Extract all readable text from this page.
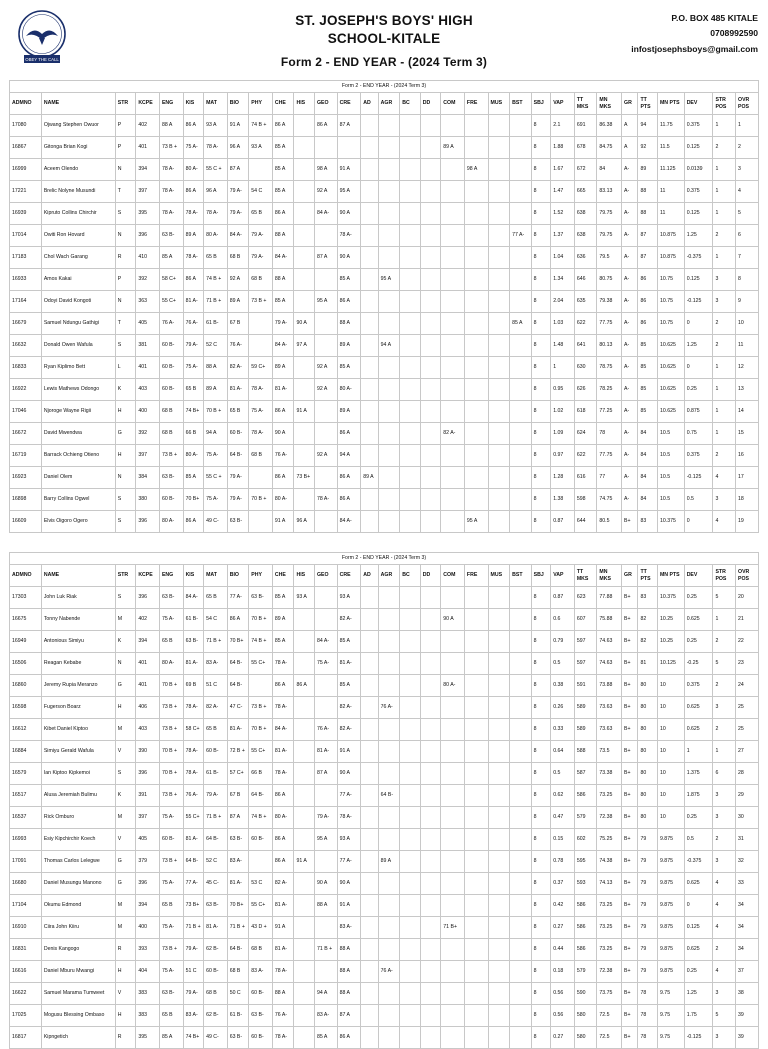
OBEY THE CALL
ST. JOSEPH'S BOYS' HIGH
SCHOOL-KITALE
Form 2 - END YEAR - (2024 Term 3)
P.O. BOX 485 KITALE
0708992590
infostjosephsboys@gmail.com
Form 2 - END YEAR - (2024 Term 3)																														
ADMNO	NAME	STR	KCPE	ENG	KIS	MAT	BIO	PHY	CHE	HIS	GEO	CRE	AD	AGR	BC	DD	COM	FRE	MUS	BST	SBJ	VAP	TT MKS	MN MKS	GR	TT PTS	MN PTS	DEV	STR POS	OVR POS
17080	Ojwang Stephen Owuor	P	402	88 A	86 A	93 A	91 A	74 B +	86 A		86 A	87 A									8	2.1	691	86.38	A	94	11.75	0.375	1	1
16867	Gitonga Brian Kogi	P	401	73 B +	75 A-	78 A-	96 A	93 A	85 A								89 A				8	1.88	678	84.75	A	92	11.5	0.125	2	2
16999	Aceem Olendo	N	394	78 A-	80 A-	55 C +	87 A		85 A		98 A	91 A						98 A			8	1.67	672	84	A-	89	11.125	0.0139	1	3
17221	Brelic Nolyne Musundi	T	397	78 A-	86 A	96 A	79 A-	54 C	85 A		92 A	95 A									8	1.47	665	83.13	A-	88	11	0.375	1	4
16939	Kipruto Collins Chirchir	S	395	78 A-	78 A-	78 A-	79 A-	65 B	86 A		84 A-	90 A									8	1.52	638	79.75	A-	88	11	0.125	1	5
17014	Owiti Ron Hovard	N	396	63 B-	89 A	80 A-	84 A-	79 A-	88 A			78 A-								77 A-	8	1.37	638	79.75	A-	87	10.875	1.25	2	6
17183	Chol Wach Garang	R	410	85 A	78 A-	65 B	68 B	79 A-	84 A-		87 A	90 A									8	1.04	636	79.5	A-	87	10.875	-0.375	1	7
16933	Amos Kakai	P	392	58 C+	86 A	74 B +	92 A	68 B	88 A			85 A		95 A							8	1.34	646	80.75	A-	86	10.75	0.125	3	8
17164	Odoyi David Kongoti	N	363	55 C+	81 A-	71 B +	89 A	73 B +	85 A		95 A	86 A									8	2.04	635	79.38	A-	86	10.75	-0.125	3	9
16679	Samuel Ndungu Gathigi	T	405	76 A-	76 A-	61 B-	67 B		79 A-	90 A		88 A								85 A	8	1.03	622	77.75	A-	86	10.75	0	2	10
16632	Donald Owen Wafula	S	381	60 B-	79 A-	52 C	76 A-		84 A-	97 A		89 A		94 A							8	1.48	641	80.13	A-	85	10.625	1.25	2	11
16833	Ryan Kiplimo Bett	L	401	60 B-	75 A-	88 A	82 A-	59 C+	89 A		92 A	85 A									8	1	630	78.75	A-	85	10.625	0	1	12
16922	Lewis Mathews Odongo	K	403	60 B-	65 B	89 A	81 A-	78 A-	81 A-		92 A	80 A-									8	0.95	626	78.25	A-	85	10.625	0.25	1	13
17046	Njoroge Wayne Rigii	H	400	68 B	74 B+	70 B +	65 B	75 A-	86 A	91 A		89 A									8	1.02	618	77.25	A-	85	10.625	0.875	1	14
16672	David Mwendwa	G	392	68 B	66 B	94 A	60 B-	78 A-	90 A			86 A					82 A-				8	1.09	624	78	A-	84	10.5	0.75	1	15
16719	Barrack Ochieng Otieno	H	397	73 B +	80 A-	75 A-	64 B-	68 B	76 A-		92 A	94 A									8	0.97	622	77.75	A-	84	10.5	0.375	2	16
16923	Daniel Olem	N	384	63 B-	85 A	55 C +	79 A-		86 A	73 B+		86 A	89 A								8	1.28	616	77	A-	84	10.5	-0.125	4	17
16898	Barry Collins Ogwel	S	380	60 B-	70 B+	75 A-	79 A-	70 B +	80 A-		78 A-	86 A									8	1.38	598	74.75	A-	84	10.5	0.5	3	18
16609	Elvis Oigoro Ogero	S	396	80 A-	86 A	49 C-	63 B-		91 A	96 A		84 A-						95 A			8	0.87	644	80.5	B+	83	10.375	0	4	19
Form 2 - END YEAR - (2024 Term 3)																														
ADMNO	NAME	STR	KCPE	ENG	KIS	MAT	BIO	PHY	CHE	HIS	GEO	CRE	AD	AGR	BC	DD	COM	FRE	MUS	BST	SBJ	VAP	TT MKS	MN MKS	GR	TT PTS	MN PTS	DEV	STR POS	OVR POS
17303	John Luk Riak	S	396	63 B-	84 A-	65 B	77 A-	63 B-	85 A	93 A		93 A									8	0.87	623	77.88	B+	83	10.375	0.25	5	20
16675	Tonny Nabende	M	402	75 A-	61 B-	54 C	86 A	70 B +	89 A			82 A-					90 A				8	0.6	607	75.88	B+	82	10.25	0.625	1	21
16949	Antonious Simiyu	K	394	65 B	63 B-	71 B +	70 B+	74 B +	85 A		84 A-	85 A									8	0.79	597	74.63	B+	82	10.25	0.25	2	22
16506	Reagan Kebabe	N	401	80 A-	81 A-	83 A-	64 B-	55 C+	78 A-		75 A-	81 A-									8	0.5	597	74.63	B+	81	10.125	-0.25	5	23
16860	Jeremy Rupia Meranzo	G	401	70 B +	69 B	51 C	64 B-		86 A	86 A		85 A					80 A-				8	0.38	591	73.88	B+	80	10	0.375	2	24
16598	Fugerson Boarz	H	406	73 B +	78 A-	82 A-	47 C-	73 B +	78 A-			82 A-		76 A-							8	0.26	589	73.63	B+	80	10	0.625	3	25
16612	Kibet Daniel Kiptoo	M	403	73 B +	58 C+	65 B	81 A-	70 B +	84 A-		76 A-	82 A-									8	0.33	589	73.63	B+	80	10	0.625	2	25
16884	Simiyu Gerald Wafula	V	390	70 B +	78 A-	60 B-	72 B +	55 C+	81 A-		81 A-	91 A									8	0.64	588	73.5	B+	80	10	1	1	27
16579	Ian Kiptoo Kipkemoi	S	396	70 B +	78 A-	61 B-	57 C+	66 B	78 A-		87 A	90 A									8	0.5	587	73.38	B+	80	10	1.375	6	28
16517	Alusa Jeremiah Bulimu	K	391	73 B +	76 A-	79 A-	67 B	64 B-	86 A			77 A-		64 B-							8	0.62	586	73.25	B+	80	10	1.875	3	29
16537	Rick Omburo	M	397	75 A-	55 C+	71 B +	87 A	74 B +	80 A-		79 A-	78 A-									8	0.47	579	72.38	B+	80	10	0.25	3	30
16993	Esiy Kipchirchir Koech	V	405	60 B-	81 A-	64 B-	63 B-	60 B-	86 A		95 A	93 A									8	0.15	602	75.25	B+	79	9.875	0.5	2	31
17091	Thomas Carlos Lelegwe	G	379	73 B +	64 B-	52 C	83 A-		86 A	91 A		77 A-		89 A							8	0.78	595	74.38	B+	79	9.875	-0.375	3	32
16680	Daniel Musungu Manono	G	396	75 A-	77 A-	45 C-	81 A-	53 C	82 A-		90 A	90 A									8	0.37	593	74.13	B+	79	9.875	0.625	4	33
17104	Okumu Edmond	M	394	65 B	73 B+	63 B-	70 B+	55 C+	81 A-		88 A	91 A									8	0.42	586	73.25	B+	79	9.875	0	4	34
16910	Ciira John Kiiru	M	400	75 A-	71 B +	81 A-	71 B +	43 D +	91 A			83 A-					71 B+				8	0.27	586	73.25	B+	79	9.875	0.125	4	34
16831	Denis Kangogo	R	393	73 B +	79 A-	62 B-	64 B-	68 B	81 A-		71 B +	88 A									8	0.44	586	73.25	B+	79	9.875	0.625	2	34
16616	Daniel Mburu Mwangi	H	404	75 A-	51 C	60 B-	68 B	83 A-	78 A-			88 A		76 A-							8	0.18	579	72.38	B+	79	9.875	0.25	4	37
16622	Samuel Marama Tumweet	V	383	63 B-	79 A-	68 B	50 C	60 B-	88 A		94 A	88 A									8	0.56	590	73.75	B+	78	9.75	1.25	3	38
17025	Mogusu Blessing Ombaso	H	383	65 B	83 A-	62 B-	61 B-	63 B-	76 A-		83 A-	87 A									8	0.56	580	72.5	B+	78	9.75	1.75	5	39
16817	Kipngetich	R	395	85 A	74 B+	49 C-	63 B-	60 B-	78 A-		85 A	86 A									8	0.27	580	72.5	B+	78	9.75	-0.125	3	39
